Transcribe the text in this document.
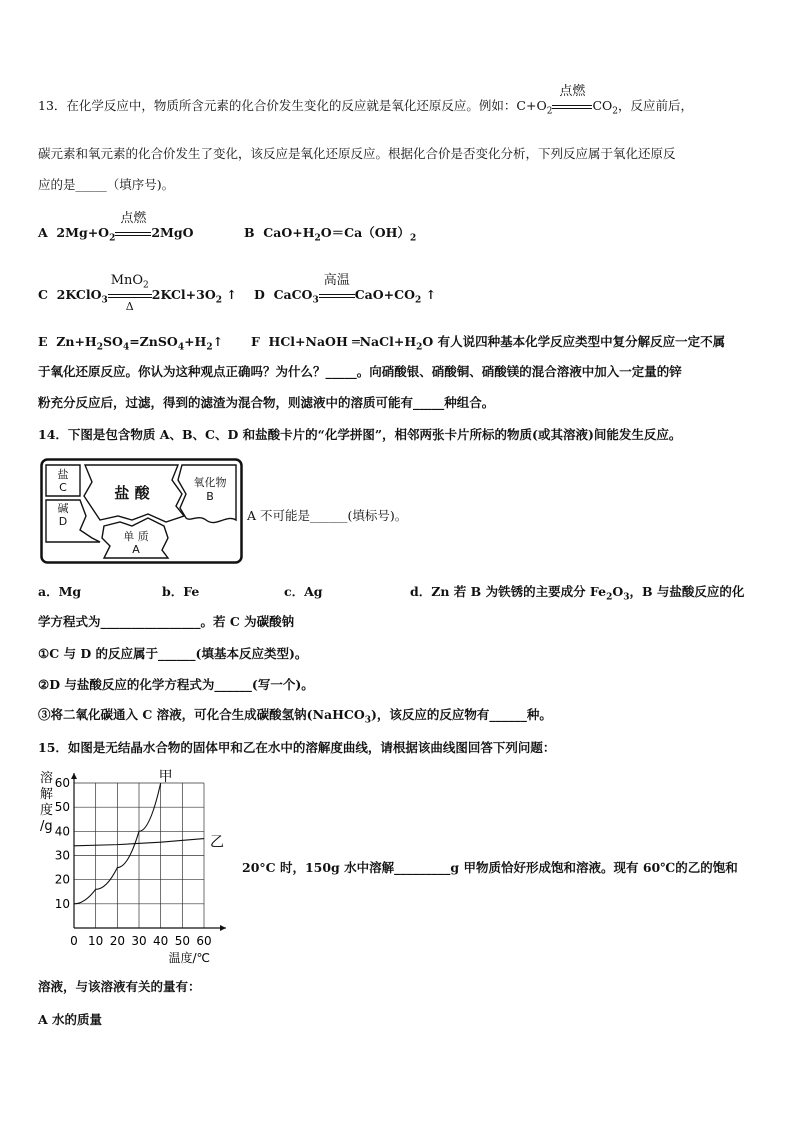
13．在化学反应中，物质所含元素的化合价发生变化的反应就是氧化还原反应。例如：$C+O_2$
点燃
$CO_2$，反应前后，
碳元素和氧元素的化合价发生了变化，该反应是氧化还原反应。根据化合价是否变化分析，下列反应属于氧化还原反
应的是_____（填序号)。
A $2Mg+O_2$
点燃
2MgO	B $CaO+H_2O=Ca(OH)_2$
C 2KClO$_3$
MnO$_2$
Δ
$2KCl+3O_2$ ↑ D CaCO$_3$
高温
$CaO+CO_2$ ↑
E $Zn+H_2SO_4=ZnSO_4+H_2↑$ F HCl+NaOH $═NaCl+H_2O$ 有人说四种基本化学反应类型中复分解反应一定不属
于氧化还原反应。你认为这种观点正确吗？为什么？_____。向硝酸银、硝酸铜、硝酸镁的混合溶液中加入一定量的锌
粉充分反应后，过滤，得到的滤渣为混合物，则滤液中的溶质可能有_____种组合。
14．下图是包含物质 A、B、C、D 和盐酸卡片的“化学拼图”，相邻两张卡片所标的物质(或其溶液)间能发生反应。
盐
C
碱
D
盐 酸
氧化物
B
单 质
A
A 不可能是______(填标号)。
a．Mg	b．Fe	c．Ag	d．Zn 若 B 为铁锈的主要成分 $Fe_2O_3$，B 与盐酸反应的化
学方程式为________________。若 C 为碳酸钠
①C 与 D 的反应属于______(填基本反应类型)。
②D 与盐酸反应的化学方程式为______(写一个)。
③将二氧化碳通入 C 溶液，可化合生成碳酸氢钠(NaHCO$_3$)，该反应的反应物有______种。
15．如图是无结晶水合物的固体甲和乙在水中的溶解度曲线，请根据该曲线图回答下列问题：
0 10 20 30 40 50 60
10
20
30
40
50
60
溶
解
度
/g
温度/℃
甲
乙
20°C 时，150g 水中溶解_________g 甲物质恰好形成饱和溶液。现有 60℃的乙的饱和
溶液，与该溶液有关的量有：
A 水的质量
